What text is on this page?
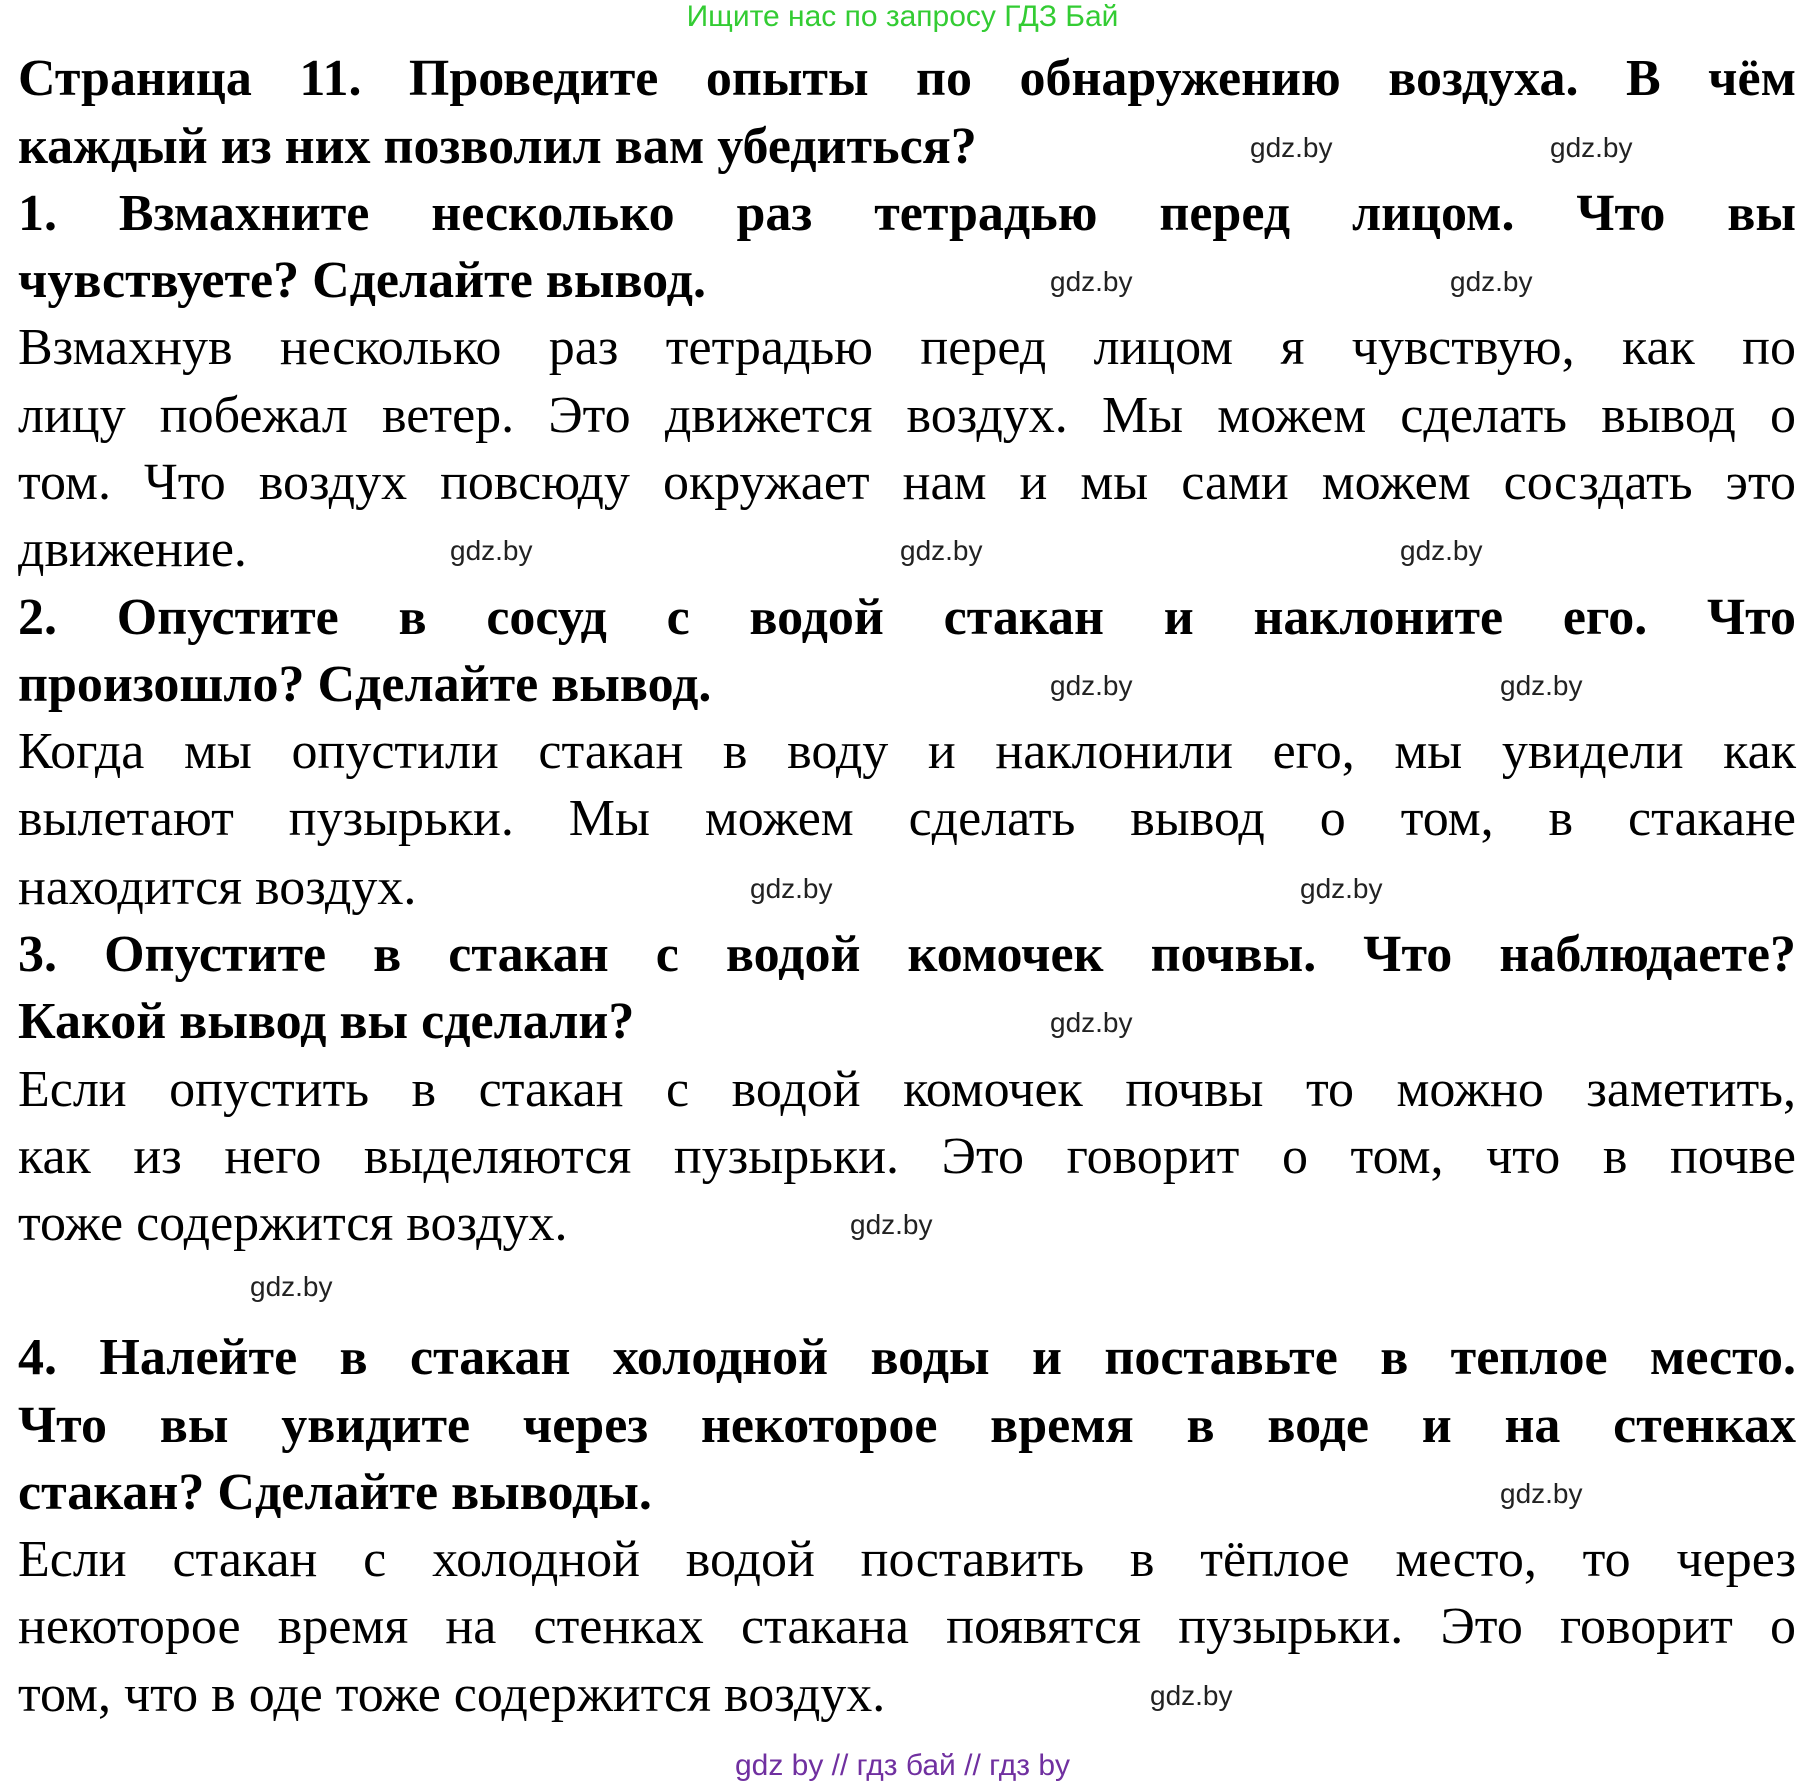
Ищите нас по запросу ГДЗ Бай
Страница 11. Проведите опыты по обнаружению воздуха. В чём
каждый из них позволил вам убедиться?
1. Взмахните несколько раз тетрадью перед лицом. Что вы
чувствуете? Сделайте вывод.
Взмахнув несколько раз тетрадью перед лицом я чувствую, как по
лицу побежал ветер. Это движется воздух. Мы можем сделать вывод о
том. Что воздух повсюду окружает нам и мы сами можем сосздать это
движение.
2. Опустите в сосуд с водой стакан и наклоните его. Что
произошло? Сделайте вывод.
Когда мы опустили стакан в воду и наклонили его, мы увидели как
вылетают пузырьки. Мы можем сделать вывод о том, в стакане
находится воздух.
3. Опустите в стакан с водой комочек почвы. Что наблюдаете?
Какой вывод вы сделали?
Если опустить в стакан с водой комочек почвы то можно заметить,
как из него выделяются пузырьки. Это говорит о том, что в почве
тоже содержится воздух.
4. Налейте в стакан холодной воды и поставьте в теплое место.
Что вы увидите через некоторое время в воде и на стенках
стакан? Сделайте выводы.
Если стакан с холодной водой поставить в тёплое место, то через
некоторое время на стенках стакана появятся пузырьки. Это говорит о
том, что в оде тоже содержится воздух.
gdz.by	gdz.by
gdz.by	gdz.by
gdz.by	gdz.by	gdz.by
gdz.by	gdz.by
gdz.by	gdz.by
gdz.by
gdz.by
gdz.by
gdz.by
gdz.by
gdz by // гдз бай // гдз by
